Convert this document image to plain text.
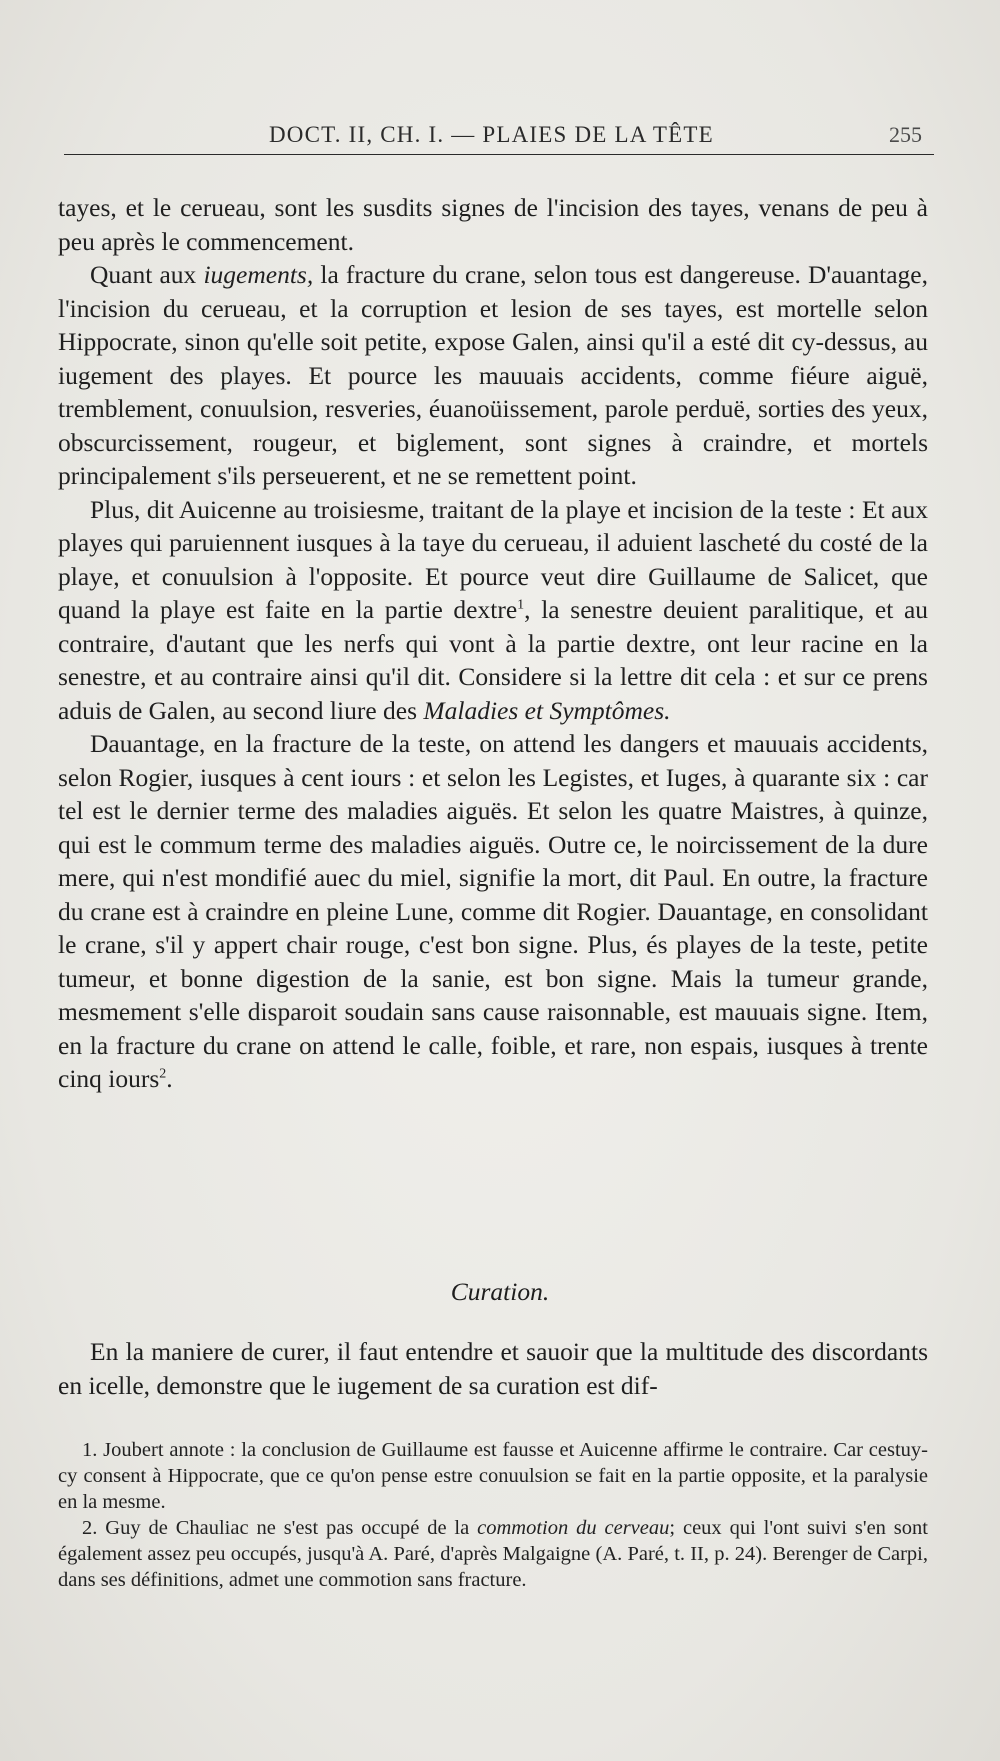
DOCT. II, CH. I. — PLAIES DE LA TÊTE	255

tayes, et le cerueau, sont les susdits signes de l'incision des tayes, venans de peu à peu après le commencement.

Quant aux iugements, la fracture du crane, selon tous est dangereuse. D'auantage, l'incision du cerueau, et la corruption et lesion de ses tayes, est mortelle selon Hippocrate, sinon qu'elle soit petite, expose Galen, ainsi qu'il a esté dit cy-dessus, au iugement des playes. Et pource les mauuais accidents, comme fiéure aiguë, tremblement, conuulsion, resveries, éuanoüissement, parole perduë, sorties des yeux, obscurcissement, rougeur, et biglement, sont signes à craindre, et mortels principalement s'ils perseuerent, et ne se remettent point.

Plus, dit Auicenne au troisiesme, traitant de la playe et incision de la teste : Et aux playes qui paruiennent iusques à la taye du cerueau, il aduient lascheté du costé de la playe, et conuulsion à l'opposite. Et pource veut dire Guillaume de Salicet, que quand la playe est faite en la partie dextre$^1$, la senestre deuient paralitique, et au contraire, d'autant que les nerfs qui vont à la partie dextre, ont leur racine en la senestre, et au contraire ainsi qu'il dit. Considere si la lettre dit cela : et sur ce prens aduis de Galen, au second liure des Maladies et Symptômes.

Dauantage, en la fracture de la teste, on attend les dangers et mauuais accidents, selon Rogier, iusques à cent iours : et selon les Legistes, et Iuges, à quarante six : car tel est le dernier terme des maladies aiguës. Et selon les quatre Maistres, à quinze, qui est le commum terme des maladies aiguës. Outre ce, le noircissement de la dure mere, qui n'est mondifié auec du miel, signifie la mort, dit Paul. En outre, la fracture du crane est à craindre en pleine Lune, comme dit Rogier. Dauantage, en consolidant le crane, s'il y appert chair rouge, c'est bon signe. Plus, és playes de la teste, petite tumeur, et bonne digestion de la sanie, est bon signe. Mais la tumeur grande, mesmement s'elle disparoit soudain sans cause raisonnable, est mauuais signe. Item, en la fracture du crane on attend le calle, foible, et rare, non espais, iusques à trente cinq iours$^2$.

Curation.

En la maniere de curer, il faut entendre et sauoir que la multitude des discordants en icelle, demonstre que le iugement de sa curation est dif-

1. Joubert annote : la conclusion de Guillaume est fausse et Auicenne affirme le contraire. Car cestuy-cy consent à Hippocrate, que ce qu'on pense estre conuulsion se fait en la partie opposite, et la paralysie en la mesme.

2. Guy de Chauliac ne s'est pas occupé de la commotion du cerveau; ceux qui l'ont suivi s'en sont également assez peu occupés, jusqu'à A. Paré, d'après Malgaigne (A. Paré, t. II, p. 24). Berenger de Carpi, dans ses définitions, admet une commotion sans fracture.
